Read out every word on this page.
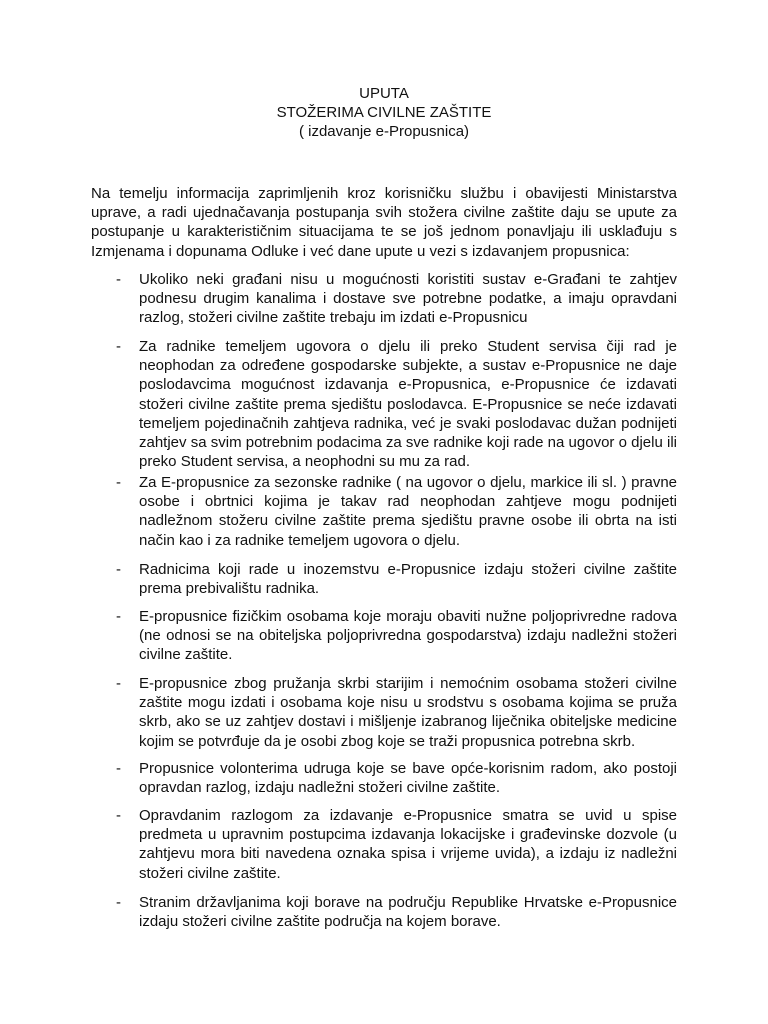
UPUTA
STOŽERIMA CIVILNE ZAŠTITE
( izdavanje e-Propusnica)

Na temelju informacija zaprimljenih kroz korisničku službu i obavijesti Ministarstva uprave, a radi ujednačavanja postupanja svih stožera civilne zaštite daju se upute za postupanje u karakterističnim situacijama te se još jednom ponavljaju ili usklađuju s Izmjenama i dopunama Odluke i već dane upute u vezi s izdavanjem propusnica:

- Ukoliko neki građani nisu u mogućnosti koristiti sustav e-Građani te zahtjev podnesu drugim kanalima i dostave sve potrebne podatke, a imaju opravdani razlog, stožeri civilne zaštite trebaju im izdati e-Propusnicu

- Za radnike temeljem ugovora o djelu ili preko Student servisa čiji rad je neophodan za određene gospodarske subjekte, a sustav e-Propusnice ne daje poslodavcima mogućnost izdavanja e-Propusnica, e-Propusnice će izdavati stožeri civilne zaštite prema sjedištu poslodavca. E-Propusnice se neće izdavati temeljem pojedinačnih zahtjeva radnika, već je svaki poslodavac dužan podnijeti zahtjev sa svim potrebnim podacima za sve radnike koji rade na ugovor o djelu ili preko Student servisa, a neophodni su mu za rad.

- Za E-propusnice za sezonske radnike ( na ugovor o djelu, markice ili sl. ) pravne osobe i obrtnici kojima je takav rad neophodan zahtjeve mogu podnijeti nadležnom stožeru civilne zaštite prema sjedištu pravne osobe ili obrta na isti način kao i za radnike temeljem ugovora o djelu.

- Radnicima koji rade u inozemstvu e-Propusnice izdaju stožeri civilne zaštite prema prebivalištu radnika.

- E-propusnice fizičkim osobama koje moraju obaviti nužne poljoprivredne radova (ne odnosi se na obiteljska poljoprivredna gospodarstva) izdaju nadležni stožeri civilne zaštite.

- E-propusnice zbog pružanja skrbi starijim i nemoćnim osobama stožeri civilne zaštite mogu izdati i osobama koje nisu u srodstvu s osobama kojima se pruža skrb, ako se uz zahtjev dostavi i mišljenje izabranog liječnika obiteljske medicine kojim se potvrđuje da je osobi zbog koje se traži propusnica potrebna skrb.

- Propusnice volonterima udruga koje se bave opće-korisnim radom, ako postoji opravdan razlog, izdaju nadležni stožeri civilne zaštite.

- Opravdanim razlogom za izdavanje e-Propusnice smatra se uvid u spise predmeta u upravnim postupcima izdavanja lokacijske i građevinske dozvole (u zahtjevu mora biti navedena oznaka spisa i vrijeme uvida), a izdaju iz nadležni stožeri civilne zaštite.

- Stranim državljanima koji borave na području Republike Hrvatske e-Propusnice izdaju stožeri civilne zaštite područja na kojem borave.
